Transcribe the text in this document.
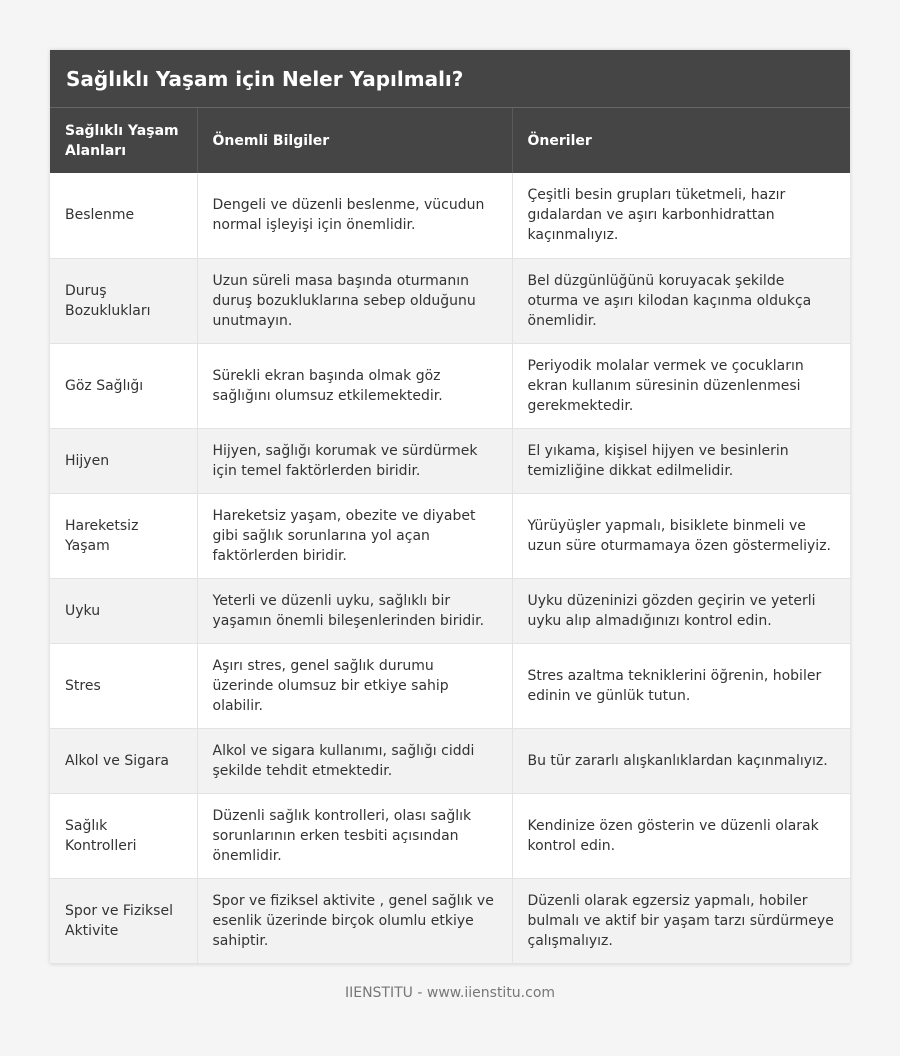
Sağlıklı Yaşam için Neler Yapılmalı?
Sağlıklı Yaşam Alanları	Önemli Bilgiler	Öneriler
Beslenme	Dengeli ve düzenli beslenme, vücudun normal işleyişi için önemlidir.	Çeşitli besin grupları tüketmeli, hazır gıdalardan ve aşırı karbonhidrattan kaçınmalıyız.
Duruş Bozuklukları	Uzun süreli masa başında oturmanın duruş bozukluklarına sebep olduğunu unutmayın.	Bel düzgünlüğünü koruyacak şekilde oturma ve aşırı kilodan kaçınma oldukça önemlidir.
Göz Sağlığı	Sürekli ekran başında olmak göz sağlığını olumsuz etkilemektedir.	Periyodik molalar vermek ve çocukların ekran kullanım süresinin düzenlenmesi gerekmektedir.
Hijyen	Hijyen, sağlığı korumak ve sürdürmek için temel faktörlerden biridir.	El yıkama, kişisel hijyen ve besinlerin temizliğine dikkat edilmelidir.
Hareketsiz Yaşam	Hareketsiz yaşam, obezite ve diyabet gibi sağlık sorunlarına yol açan faktörlerden biridir.	Yürüyüşler yapmalı, bisiklete binmeli ve uzun süre oturmamaya özen göstermeliyiz.
Uyku	Yeterli ve düzenli uyku, sağlıklı bir yaşamın önemli bileşenlerinden biridir.	Uyku düzeninizi gözden geçirin ve yeterli uyku alıp almadığınızı kontrol edin.
Stres	Aşırı stres, genel sağlık durumu üzerinde olumsuz bir etkiye sahip olabilir.	Stres azaltma tekniklerini öğrenin, hobiler edinin ve günlük tutun.
Alkol ve Sigara	Alkol ve sigara kullanımı, sağlığı ciddi şekilde tehdit etmektedir.	Bu tür zararlı alışkanlıklardan kaçınmalıyız.
Sağlık Kontrolleri	Düzenli sağlık kontrolleri, olası sağlık sorunlarının erken tesbiti açısından önemlidir.	Kendinize özen gösterin ve düzenli olarak kontrol edin.
Spor ve Fiziksel Aktivite	Spor ve fiziksel aktivite , genel sağlık ve esenlik üzerinde birçok olumlu etkiye sahiptir.	Düzenli olarak egzersiz yapmalı, hobiler bulmalı ve aktif bir yaşam tarzı sürdürmeye çalışmalıyız.
IIENSTITU - www.iienstitu.com
